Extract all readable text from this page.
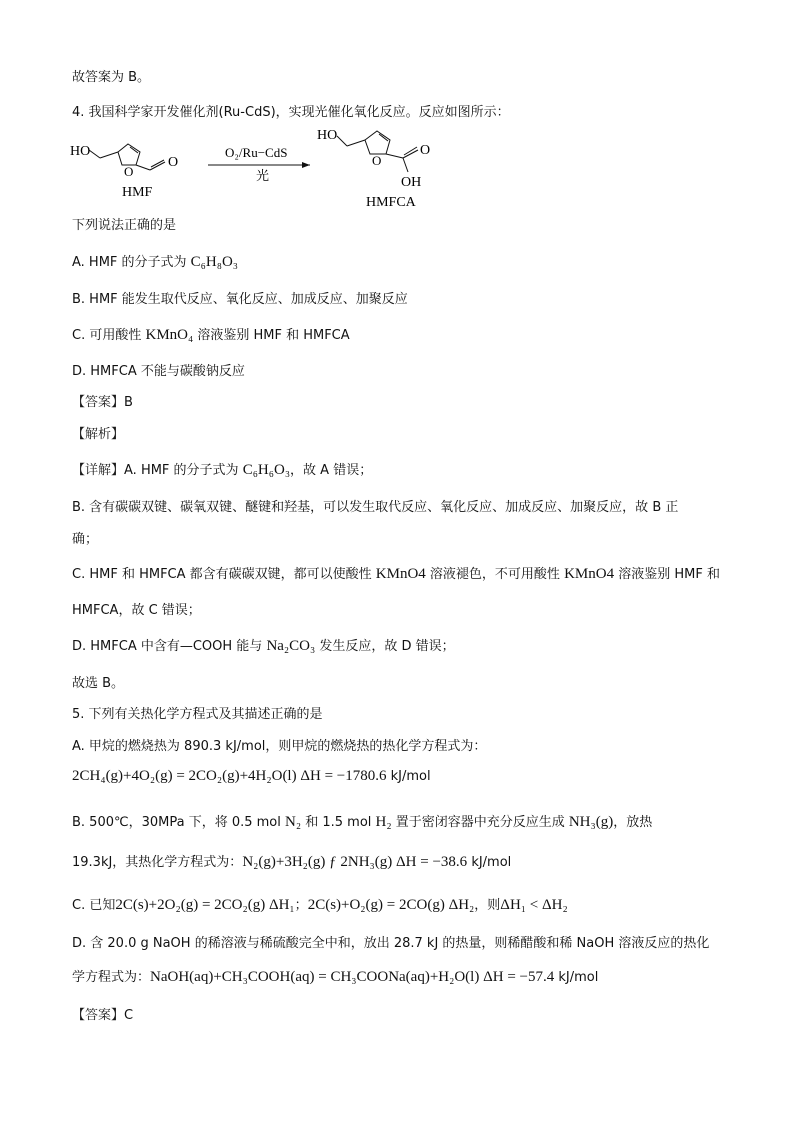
故答案为 B。
4. 我国科学家开发催化剂(Ru-CdS)，实现光催化氧化反应。反应如图所示：
HO
O
O
HMF
O₂/Ru−CdS
光
HO
O
O
OH
HMFCA
下列说法正确的是
A. HMF 的分子式为 C₆H₈O₃
B. HMF 能发生取代反应、氧化反应、加成反应、加聚反应
C. 可用酸性 KMnO₄ 溶液鉴别 HMF 和 HMFCA
D. HMFCA 不能与碳酸钠反应
【答案】B
【解析】
【详解】A. HMF 的分子式为 C₆H₆O₃，故 A 错误；
B. 含有碳碳双键、碳氧双键、醚键和羟基，可以发生取代反应、氧化反应、加成反应、加聚反应，故 B 正
确；
C. HMF 和 HMFCA 都含有碳碳双键，都可以使酸性 KMnO4 溶液褪色，不可用酸性 KMnO4 溶液鉴别 HMF 和
HMFCA，故 C 错误；
D. HMFCA 中含有—COOH 能与 Na₂CO₃ 发生反应，故 D 错误；
故选 B。
5. 下列有关热化学方程式及其描述正确的是
A. 甲烷的燃烧热为 890.3 kJ/mol，则甲烷的燃烧热的热化学方程式为：
2CH₄(g)+4O₂(g) = 2CO₂(g)+4H₂O(l) ΔH = −1780.6 kJ/mol
B. 500℃，30MPa 下，将 0.5 mol N₂ 和 1.5 mol H₂ 置于密闭容器中充分反应生成 NH₃(g)，放热
19.3kJ，其热化学方程式为：N₂(g)+3H₂(g) ƒ 2NH₃(g) ΔH = −38.6 kJ/mol
C. 已知2C(s)+2O₂(g) = 2CO₂(g) ΔH₁；2C(s)+O₂(g) = 2CO(g) ΔH₂，则ΔH₁ < ΔH₂
D. 含 20.0 g NaOH 的稀溶液与稀硫酸完全中和，放出 28.7 kJ 的热量，则稀醋酸和稀 NaOH 溶液反应的热化
学方程式为：NaOH(aq)+CH₃COOH(aq) = CH₃COONa(aq)+H₂O(l) ΔH = −57.4 kJ/mol
【答案】C
